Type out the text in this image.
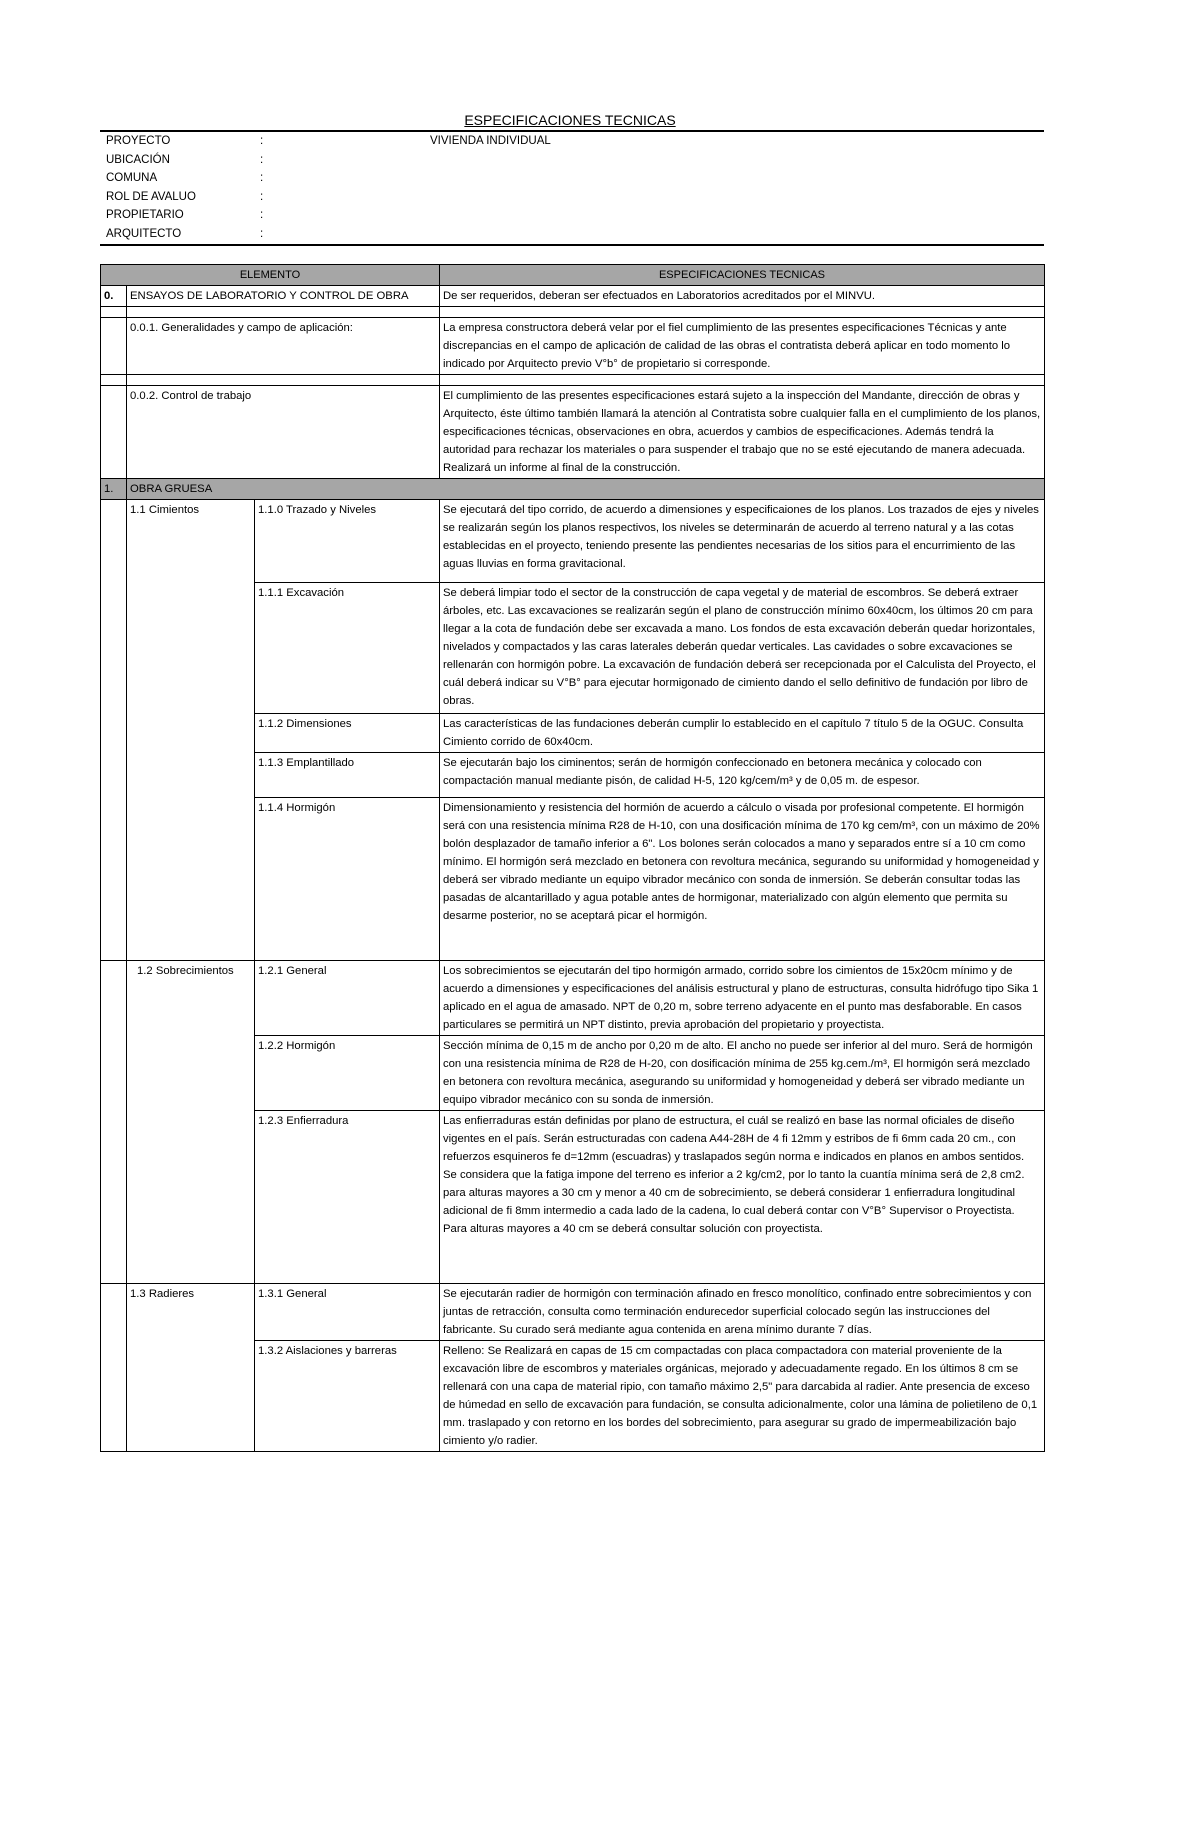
ESPECIFICACIONES TECNICAS
PROYECTO	:	VIVIENDA INDIVIDUAL
UBICACIÓN	:
COMUNA	:
ROL DE AVALUO	:
PROPIETARIO	:
ARQUITECTO	:
ELEMENTO			ESPECIFICACIONES TECNICAS
0.	ENSAYOS DE LABORATORIO Y CONTROL DE OBRA		De ser requeridos, deberan ser efectuados en Laboratorios acreditados por el MINVU.

	0.0.1. Generalidades y campo de aplicación:		La empresa constructora deberá velar por el fiel cumplimiento de las presentes especificaciones Técnicas y ante discrepancias en el campo de aplicación de calidad de las obras el contratista deberá aplicar en todo momento lo indicado por Arquitecto previo V°b° de propietario si corresponde.

	0.0.2. Control de trabajo		El cumplimiento de las presentes especificaciones estará sujeto a la inspección del Mandante, dirección de obras y Arquitecto, éste último también llamará la atención al Contratista sobre cualquier falla en el cumplimiento de los planos, especificaciones técnicas, observaciones en obra, acuerdos y cambios de especificaciones. Además tendrá la autoridad para rechazar los materiales o para suspender el trabajo que no se esté ejecutando de manera adecuada. Realizará un informe al final de la construcción.
1.	OBRA GRUESA		
	1.1 Cimientos	1.1.0 Trazado y Niveles	Se ejecutará del tipo corrido, de acuerdo a dimensiones y especificaiones de los planos. Los trazados de ejes y niveles se realizarán según los planos respectivos, los niveles se determinarán de acuerdo al terreno natural y a las cotas establecidas en el proyecto, teniendo presente las pendientes necesarias de los sitios para el encurrimiento de las aguas lluvias en forma gravitacional.
		1.1.1 Excavación	Se deberá limpiar todo el sector de la construcción de capa vegetal y de material de escombros. Se deberá extraer árboles, etc. Las excavaciones se realizarán según el plano de construcción mínimo 60x40cm, los últimos 20 cm para llegar a la cota de fundación debe ser excavada a mano. Los fondos de esta excavación deberán quedar horizontales, nivelados y compactados y las caras laterales deberán quedar verticales. Las cavidades o sobre excavaciones se rellenarán con hormigón pobre. La excavación de fundación deberá ser recepcionada por el Calculista del Proyecto, el cuál deberá indicar su V°B° para ejecutar hormigonado de cimiento dando el sello definitivo de fundación por libro de obras.
		1.1.2 Dimensiones	Las características de las fundaciones deberán cumplir lo establecido en el capítulo 7 título 5 de la OGUC. Consulta Cimiento corrido de 60x40cm.
		1.1.3 Emplantillado	Se ejecutarán bajo los ciminentos; serán de hormigón confeccionado en betonera mecánica y colocado con compactación manual mediante pisón, de calidad H-5, 120 kg/cem/m³ y de 0,05 m. de espesor.
		1.1.4 Hormigón	Dimensionamiento y resistencia del hormión de acuerdo a cálculo o visada por profesional competente. El hormigón será con una resistencia mínima R28 de H-10, con una dosificación mínima de 170 kg cem/m³, con un máximo de 20% bolón desplazador de tamaño inferior a 6". Los bolones serán colocados a mano y separados entre sí a 10 cm como mínimo. El hormigón será mezclado en betonera con revoltura mecánica, segurando su uniformidad y homogeneidad y deberá ser vibrado mediante un equipo vibrador mecánico con sonda de inmersión. Se deberán consultar todas las pasadas de alcantarillado y agua potable antes de hormigonar, materializado con algún elemento que permita su desarme posterior, no se aceptará picar el hormigón.
	1.2 Sobrecimientos	1.2.1 General	Los sobrecimientos se ejecutarán del tipo hormigón armado, corrido sobre los cimientos de 15x20cm mínimo y de acuerdo a dimensiones y especificaciones del análisis estructural y plano de estructuras, consulta hidrófugo tipo Sika 1 aplicado en el agua de amasado. NPT de 0,20 m, sobre terreno adyacente en el punto mas desfaborable. En casos particulares se permitirá un NPT distinto, previa aprobación del propietario y proyectista.
		1.2.2 Hormigón	Sección mínima de 0,15 m de ancho por 0,20 m de alto. El ancho no puede ser inferior al del muro. Será de hormigón con una resistencia mínima de R28 de H-20, con dosificación mínima de 255 kg.cem./m³, El hormigón será mezclado en betonera con revoltura mecánica, asegurando su uniformidad y homogeneidad y deberá ser vibrado mediante un equipo vibrador mecánico con su sonda de inmersión.
		1.2.3 Enfierradura	Las enfierraduras están definidas por plano de estructura, el cuál se realizó en base las normal oficiales de diseño vigentes en el país. Serán estructuradas con cadena A44-28H de 4 fi 12mm y estribos de fi 6mm cada 20 cm., con refuerzos esquineros fe d=12mm (escuadras) y traslapados según norma e indicados en planos en ambos sentidos. Se considera que la fatiga impone del terreno es inferior a 2 kg/cm2, por lo tanto la cuantía mínima será de 2,8 cm2. para alturas mayores a 30 cm y menor a 40 cm de sobrecimiento, se deberá considerar 1 enfierradura longitudinal adicional de fi 8mm intermedio a cada lado de la cadena, lo cual deberá contar con V°B° Supervisor o Proyectista. Para alturas mayores a 40 cm se deberá consultar solución con proyectista.
	1.3 Radieres	1.3.1 General	Se ejecutarán radier de hormigón con terminación afinado en fresco monolítico, confinado entre sobrecimientos y con juntas de retracción, consulta como terminación endurecedor superficial colocado según las instrucciones del fabricante. Su curado será mediante agua contenida en arena mínimo durante 7 días.
		1.3.2 Aislaciones y barreras	Relleno: Se Realizará en capas de 15 cm compactadas con placa compactadora con material proveniente de la excavación libre de escombros y materiales orgánicas, mejorado y adecuadamente regado. En los últimos 8 cm se rellenará con una capa de material ripio, con tamaño máximo 2,5" para darcabida al radier. Ante presencia de exceso de húmedad en sello de excavación para fundación, se consulta adicionalmente, color una lámina de polietileno de 0,1 mm. traslapado y con retorno en los bordes del sobrecimiento, para asegurar su grado de impermeabilización bajo cimiento y/o radier.
